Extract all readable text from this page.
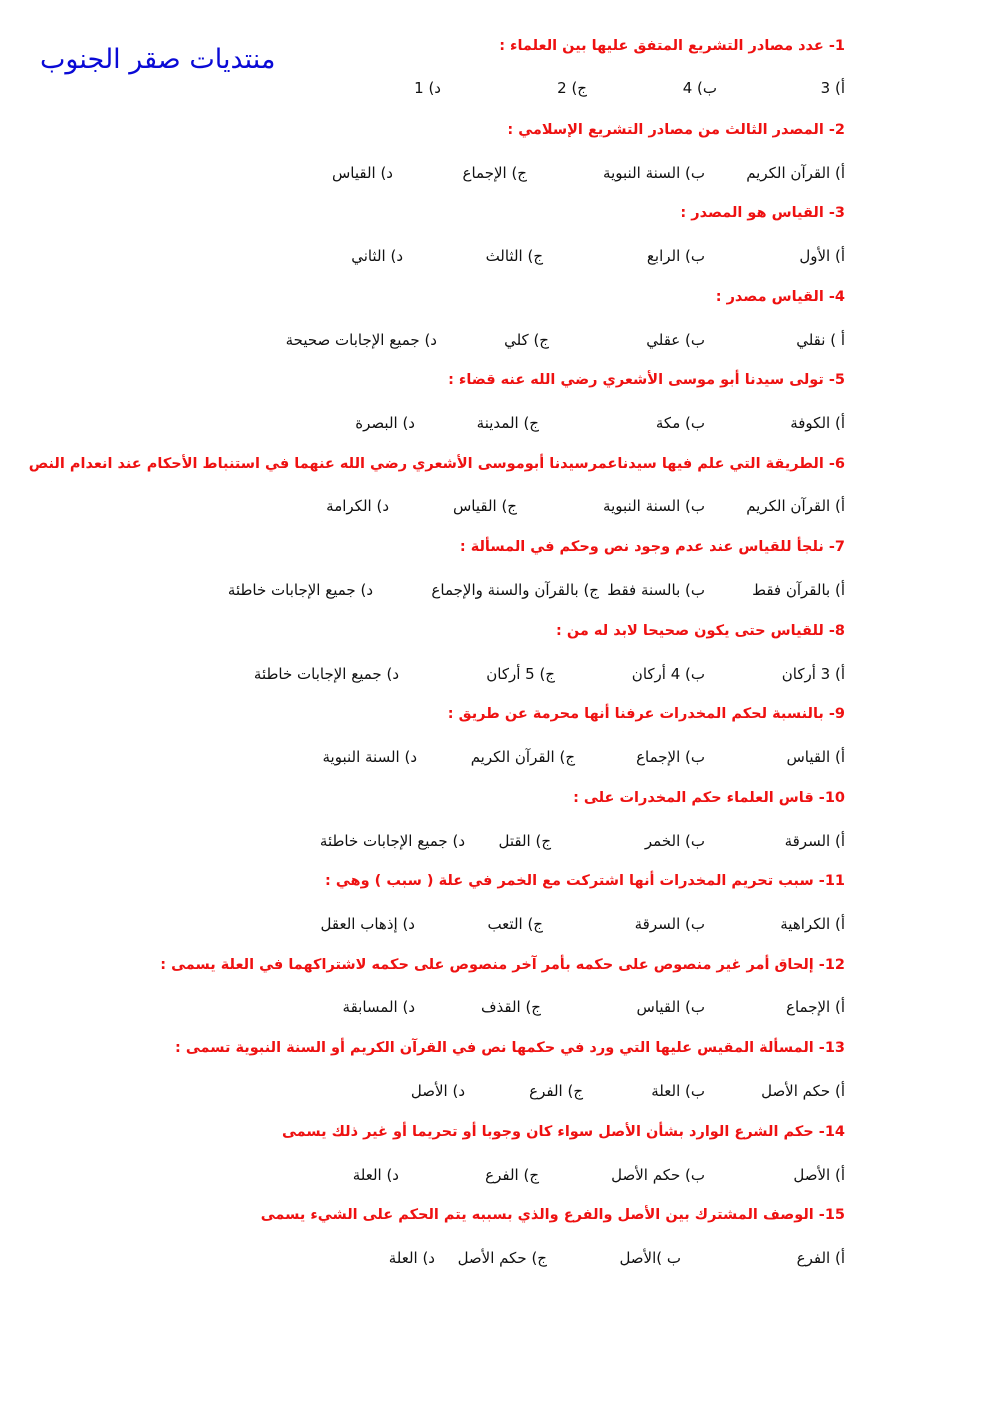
منتديات صقر الجنوب	1- عدد مصادر التشريع المتفق عليها بين العلماء :
أ) 3
ب) 4
ج) 2
د) 1
2- المصدر الثالث من مصادر التشريع الإسلامي :
أ) القرآن الكريم
ب) السنة النبوية
ج) الإجماع
د) القياس
3- القياس هو المصدر :
أ) الأول
ب) الرابع
ج) الثالث
د) الثاني
4- القياس مصدر :
أ ) نقلي
ب) عقلي
ج) كلي
د) جميع الإجابات صحيحة
5- تولى سيدنا أبو موسى الأشعري رضي الله عنه قضاء :
أ) الكوفة
ب) مكة
ج) المدينة
د) البصرة
6- الطريقة التي علم فيها سيدناعمرسيدنا أبوموسى الأشعري رضي الله عنهما في استنباط الأحكام عند انعدام النص
أ) القرآن الكريم
ب) السنة النبوية
ج) القياس
د) الكرامة
7- نلجأ للقياس عند عدم وجود نص وحكم في المسألة :
أ) بالقرآن فقط
ب) بالسنة فقط
ج) بالقرآن والسنة والإجماع
د) جميع الإجابات خاطئة
8- للقياس حتى يكون صحيحا لابد له من :
أ) 3 أركان
ب) 4 أركان
ج) 5 أركان
د) جميع الإجابات خاطئة
9- بالنسبة لحكم المخدرات عرفنا أنها محرمة عن طريق :
أ) القياس
ب) الإجماع
ج) القرآن الكريم
د) السنة النبوية
10- قاس العلماء حكم المخدرات على :
أ) السرقة
ب) الخمر
ج) القتل
د) جميع الإجابات خاطئة
11- سبب تحريم المخدرات أنها اشتركت مع الخمر في علة ( سبب ) وهي :
أ) الكراهية
ب) السرقة
ج) التعب
د) إذهاب العقل
12- إلحاق أمر غير منصوص على حكمه بأمر آخر منصوص على حكمه لاشتراكهما في العلة يسمى :
أ) الإجماع
ب) القياس
ج) القذف
د) المسابقة
13- المسألة المقيس عليها التي ورد في حكمها نص في القرآن الكريم أو السنة النبوية تسمى :
أ) حكم الأصل
ب) العلة
ج) الفرع
د) الأصل
14- حكم الشرع الوارد بشأن الأصل سواء كان وجوبا أو تحريما أو غير ذلك يسمى
أ) الأصل
ب) حكم الأصل
ج) الفرع
د) العلة
15- الوصف المشترك بين الأصل والفرع والذي بسببه يتم الحكم على الشيء يسمى
أ) الفرع
ب )الأصل
ج) حكم الأصل
د) العلة
